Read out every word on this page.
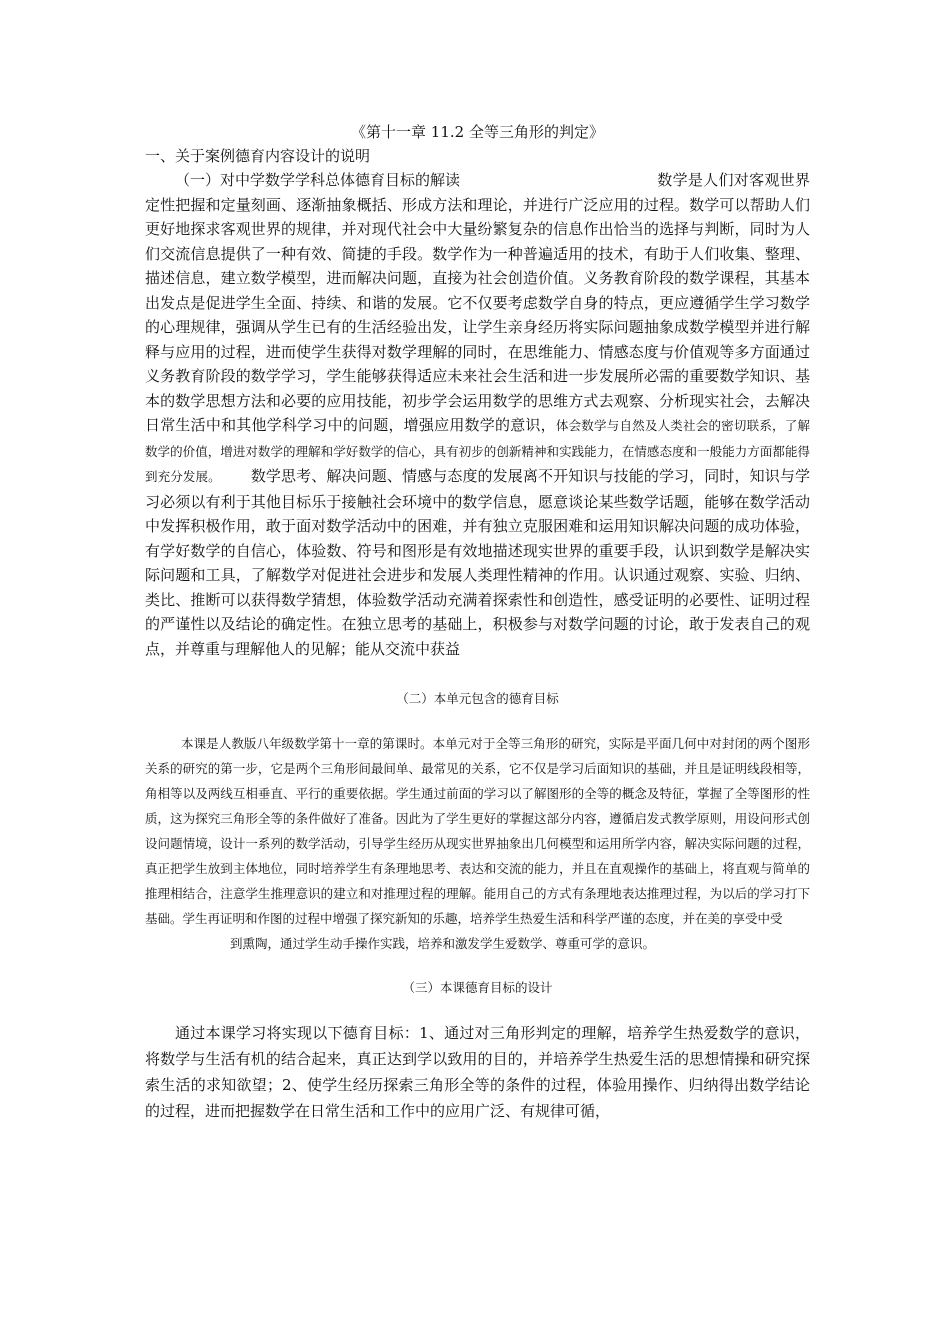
《第十一章 11.2 全等三角形的判定》

一、关于案例德育内容设计的说明

（一）对中学数学学科总体德育目标的解读	数学是人们对客观世界定性把握和定量刻画、逐渐抽象概括、形成方法和理论，并进行广泛应用的过程。数学可以帮助人们更好地探求客观世界的规律，并对现代社会中大量纷繁复杂的信息作出恰当的选择与判断，同时为人们交流信息提供了一种有效、简捷的手段。数学作为一种普遍适用的技术，有助于人们收集、整理、描述信息，建立数学模型，进而解决问题，直接为社会创造价值。义务教育阶段的数学课程，其基本出发点是促进学生全面、持续、和谐的发展。它不仅要考虑数学自身的特点，更应遵循学生学习数学的心理规律，强调从学生已有的生活经验出发，让学生亲身经历将实际问题抽象成数学模型并进行解释与应用的过程，进而使学生获得对数学理解的同时，在思维能力、情感态度与价值观等多方面通过义务教育阶段的数学学习，学生能够获得适应未来社会生活和进一步发展所必需的重要数学知识、基本的数学思想方法和必要的应用技能，初步学会运用数学的思维方式去观察、分析现实社会，去解决日常生活中和其他学科学习中的问题，增强应用数学的意识，体会数学与自然及人类社会的密切联系，了解数学的价值，增进对数学的理解和学好数学的信心，具有初步的创新精神和实践能力，在情感态度和一般能力方面都能得到充分发展。 数学思考、解决问题、情感与态度的发展离不开知识与技能的学习，同时，知识与学习必须以有利于其他目标乐于接触社会环境中的数学信息，愿意谈论某些数学话题，能够在数学活动中发挥积极作用，敢于面对数学活动中的困难，并有独立克服困难和运用知识解决问题的成功体验，有学好数学的自信心，体验数、符号和图形是有效地描述现实世界的重要手段，认识到数学是解决实际问题和工具，了解数学对促进社会进步和发展人类理性精神的作用。认识通过观察、实验、归纳、类比、推断可以获得数学猜想，体验数学活动充满着探索性和创造性，感受证明的必要性、证明过程的严谨性以及结论的确定性。在独立思考的基础上，积极参与对数学问题的讨论，敢于发表自己的观点，并尊重与理解他人的见解；能从交流中获益

（二）本单元包含的德育目标

本课是人教版八年级数学第十一章的第课时。本单元对于全等三角形的研究，实际是平面几何中对封闭的两个图形关系的研究的第一步，它是两个三角形间最间单、最常见的关系，它不仅是学习后面知识的基础，并且是证明线段相等，角相等以及两线互相垂直、平行的重要依据。学生通过前面的学习以了解图形的全等的概念及特征，掌握了全等图形的性质，这为探究三角形全等的条件做好了准备。因此为了学生更好的掌握这部分内容，遵循启发式教学原则，用设问形式创设问题情境，设计一系列的数学活动，引导学生经历从现实世界抽象出几何模型和运用所学内容，解决实际问题的过程，真正把学生放到主体地位，同时培养学生有条理地思考、表达和交流的能力，并且在直观操作的基础上，将直观与简单的推理相结合，注意学生推理意识的建立和对推理过程的理解。能用自己的方式有条理地表达推理过程，为以后的学习打下基础。学生再证明和作图的过程中增强了探究新知的乐趣，培养学生热爱生活和科学严谨的态度，并在美的享受中受

到熏陶，通过学生动手操作实践，培养和激发学生爱数学、尊重可学的意识。

（三）本课德育目标的设计

通过本课学习将实现以下德育目标：1、通过对三角形判定的理解，培养学生热爱数学的意识，将数学与生活有机的结合起来，真正达到学以致用的目的，并培养学生热爱生活的思想情操和研究探索生活的求知欲望；2、使学生经历探索三角形全等的条件的过程，体验用操作、归纳得出数学结论的过程，进而把握数学在日常生活和工作中的应用广泛、有规律可循，
